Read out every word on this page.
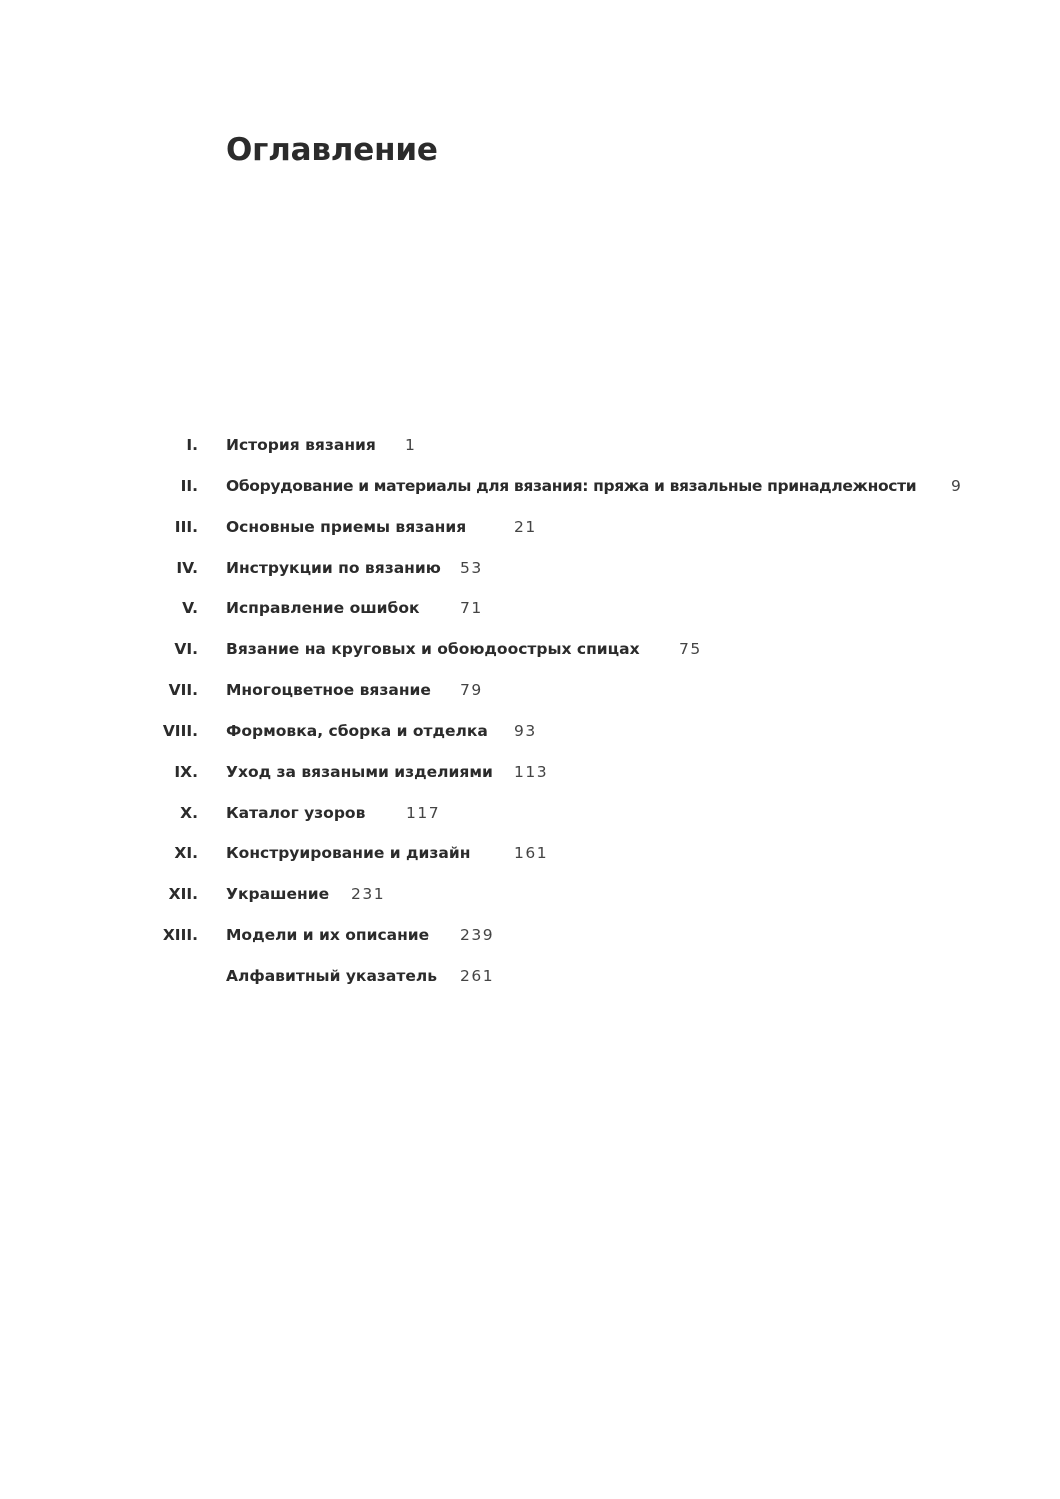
Оглавление
I. История вязания 1
II. Оборудование и материалы для вязания: пряжа и вязальные принадлежности 9
III. Основные приемы вязания	21
IV. Инструкции по вязанию 53
V. Исправление ошибок	71
VI. Вязание на круговых и обоюдоострых спицах	75
VII. Многоцветное вязание 79
VIII. Формовка, сборка и отделка 93
IX. Уход за вязаными изделиями 113
X. Каталог узоров	117
XI. Конструирование и дизайн	161
XII. Украшение 231
XIII. Модели и их описание 239
Алфавитный указатель 261
